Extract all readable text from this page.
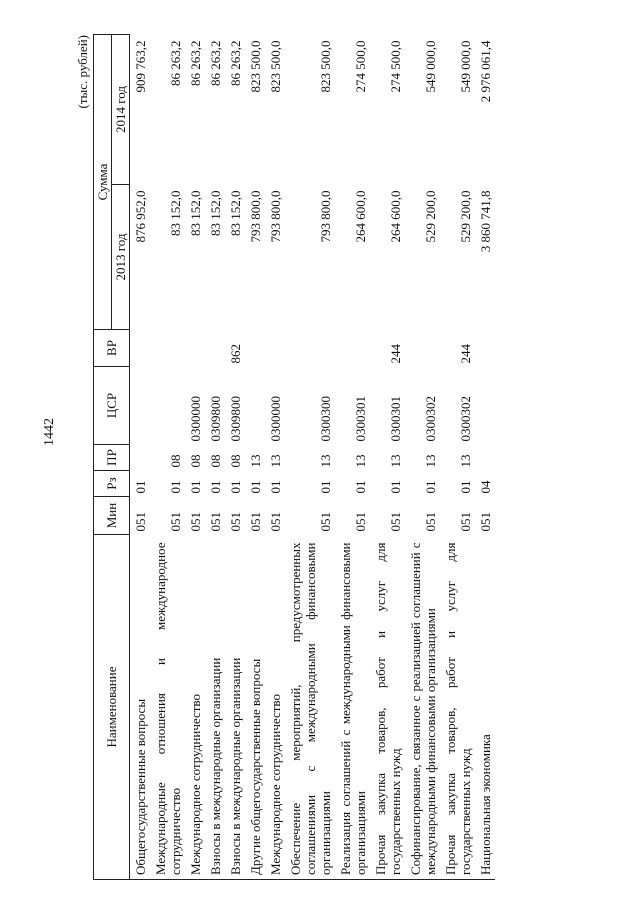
1442
(тыс. рублей)
Наименование	Мин	Рз	ПР	ЦСР	ВР	Сумма	
						2013 год	2014 год
Общегосударственные вопросы	051	01				876 952,0	909 763,2
Международные отношения и международное сотрудничество	051	01	08			83 152,0	86 263,2
Международное сотрудничество	051	01	08	0300000		83 152,0	86 263,2
Взносы в международные организации	051	01	08	0309800		83 152,0	86 263,2
Взносы в международные организации	051	01	08	0309800	862	83 152,0	86 263,2
Другие общегосударственные вопросы	051	01	13			793 800,0	823 500,0
Международное сотрудничество	051	01	13	0300000		793 800,0	823 500,0
Обеспечение мероприятий, предусмотренных соглашениями с международными финансовыми организациями	051	01	13	0300300		793 800,0	823 500,0
Реализация соглашений с международными финансовыми организациями	051	01	13	0300301		264 600,0	274 500,0
Прочая закупка товаров, работ и услуг для государственных нужд	051	01	13	0300301	244	264 600,0	274 500,0
Софинансирование, связанное с реализацией соглашений с международными финансовыми организациями	051	01	13	0300302		529 200,0	549 000,0
Прочая закупка товаров, работ и услуг для государственных нужд	051	01	13	0300302	244	529 200,0	549 000,0
Национальная экономика	051	04				3 860 741,8	2 976 061,4
